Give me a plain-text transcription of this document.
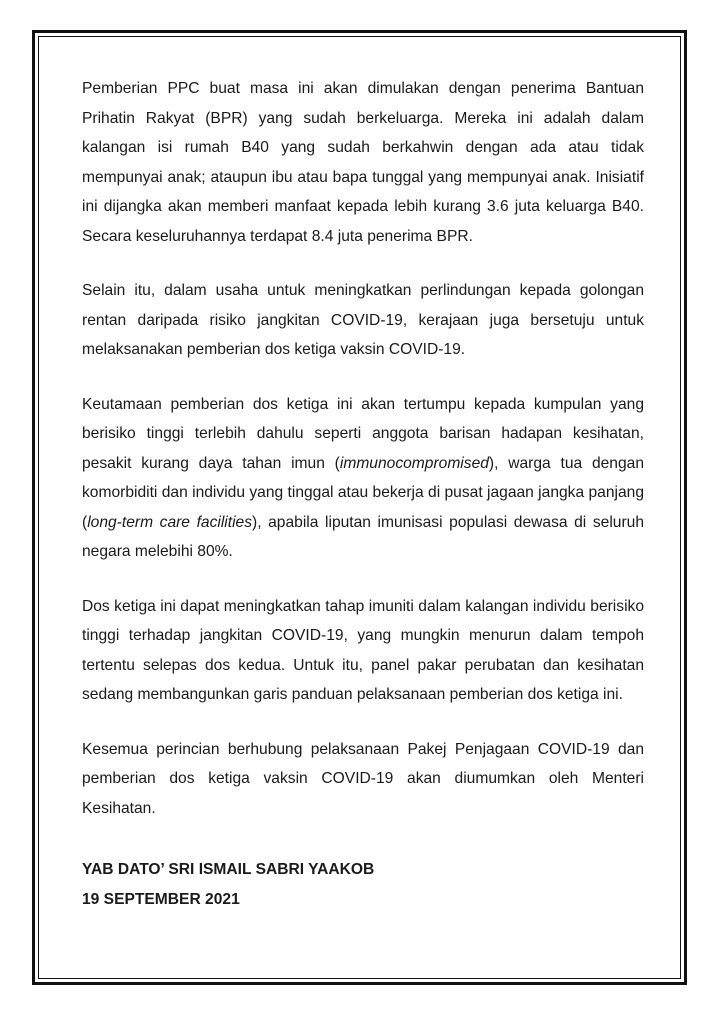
Pemberian PPC buat masa ini akan dimulakan dengan penerima Bantuan Prihatin Rakyat (BPR) yang sudah berkeluarga. Mereka ini adalah dalam kalangan isi rumah B40 yang sudah berkahwin dengan ada atau tidak mempunyai anak; ataupun ibu atau bapa tunggal yang mempunyai anak. Inisiatif ini dijangka akan memberi manfaat kepada lebih kurang 3.6 juta keluarga B40. Secara keseluruhannya terdapat 8.4 juta penerima BPR.

Selain itu, dalam usaha untuk meningkatkan perlindungan kepada golongan rentan daripada risiko jangkitan COVID-19, kerajaan juga bersetuju untuk melaksanakan pemberian dos ketiga vaksin COVID-19.

Keutamaan pemberian dos ketiga ini akan tertumpu kepada kumpulan yang berisiko tinggi terlebih dahulu seperti anggota barisan hadapan kesihatan, pesakit kurang daya tahan imun (immunocompromised), warga tua dengan komorbiditi dan individu yang tinggal atau bekerja di pusat jagaan jangka panjang (long-term care facilities), apabila liputan imunisasi populasi dewasa di seluruh negara melebihi 80%.

Dos ketiga ini dapat meningkatkan tahap imuniti dalam kalangan individu berisiko tinggi terhadap jangkitan COVID-19, yang mungkin menurun dalam tempoh tertentu selepas dos kedua. Untuk itu, panel pakar perubatan dan kesihatan sedang membangunkan garis panduan pelaksanaan pemberian dos ketiga ini.

Kesemua perincian berhubung pelaksanaan Pakej Penjagaan COVID-19 dan pemberian dos ketiga vaksin COVID-19 akan diumumkan oleh Menteri Kesihatan.

YAB DATO’ SRI ISMAIL SABRI YAAKOB
19 SEPTEMBER 2021
